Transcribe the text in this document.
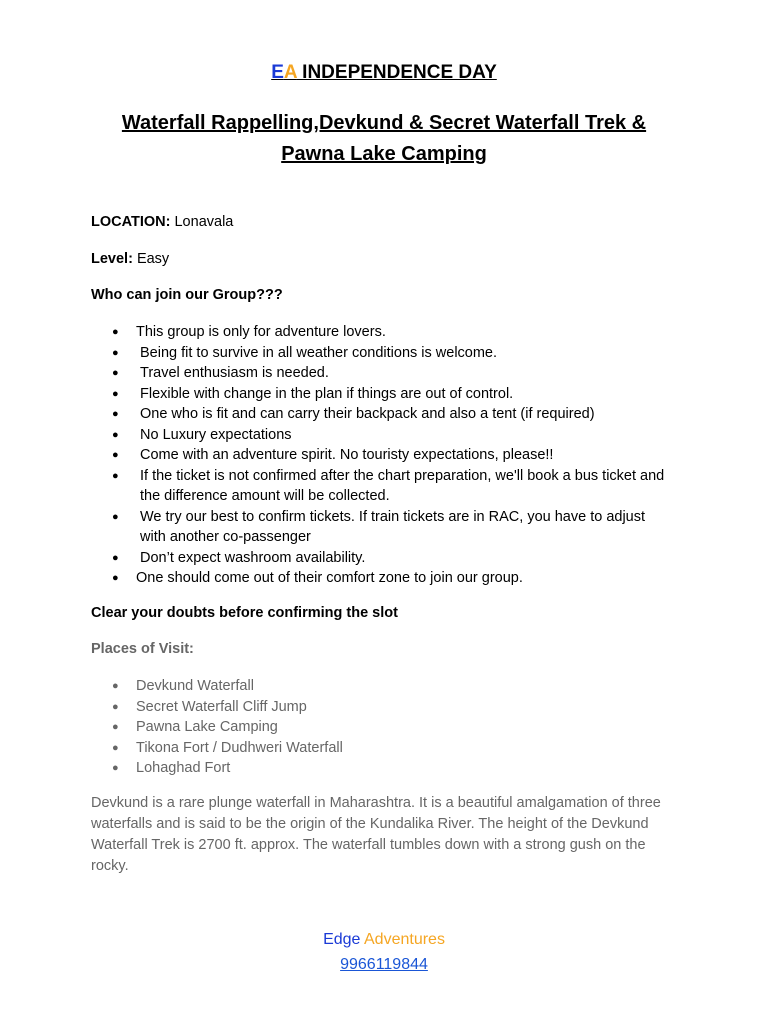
EA INDEPENDENCE DAY
Waterfall Rappelling,Devkund & Secret Waterfall Trek &
Pawna Lake Camping
LOCATION: Lonavala
Level: Easy
Who can join our Group???
● This group is only for adventure lovers.
● Being fit to survive in all weather conditions is welcome.
● Travel enthusiasm is needed.
● Flexible with change in the plan if things are out of control.
● One who is fit and can carry their backpack and also a tent (if required)
● No Luxury expectations
● Come with an adventure spirit. No touristy expectations, please!!
● If the ticket is not confirmed after the chart preparation, we'll book a bus ticket and the difference amount will be collected.
● We try our best to confirm tickets. If train tickets are in RAC, you have to adjust with another co-passenger
● Don’t expect washroom availability.
● One should come out of their comfort zone to join our group.
Clear your doubts before confirming the slot
Places of Visit:
● Devkund Waterfall
● Secret Waterfall Cliff Jump
● Pawna Lake Camping
● Tikona Fort / Dudhweri Waterfall
● Lohaghad Fort
Devkund is a rare plunge waterfall in Maharashtra. It is a beautiful amalgamation of three waterfalls and is said to be the origin of the Kundalika River. The height of the Devkund Waterfall Trek is 2700 ft. approx. The waterfall tumbles down with a strong gush on the rocky.
Edge Adventures
9966119844
